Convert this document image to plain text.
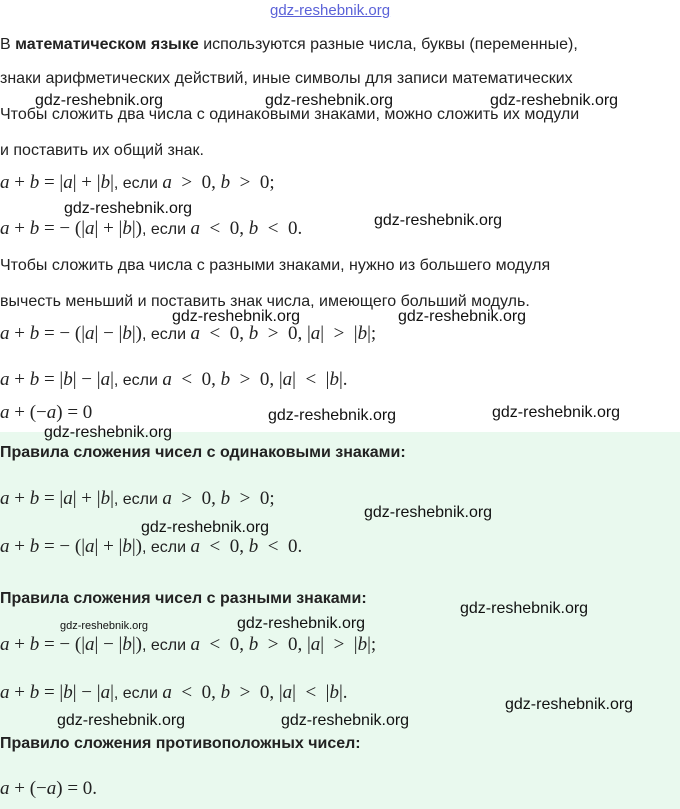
gdz-reshebnik.org
В математическом языке используются разные числа, буквы (переменные),
знаки арифметических действий, иные символы для записи математических
Чтобы сложить два числа с одинаковыми знаками, можно сложить их модули
и поставить их общий знак.
a + b = |a| + |b|, если a  >  0, b  >  0;
a + b = − (|a| + |b|), если a  <  0, b  <  0.
Чтобы сложить два числа с разными знаками, нужно из большего модуля
вычесть меньший и поставить знак числа, имеющего больший модуль.
a + b = − (|a| − |b|), если a  <  0, b  >  0, |a|  >  |b|;
a + b = |b| − |a|, если a  <  0, b  >  0, |a|  <  |b|.
a + (−a) = 0
Правила сложения чисел с одинаковыми знаками:
a + b = |a| + |b|, если a  >  0, b  >  0;
a + b = − (|a| + |b|), если a  <  0, b  <  0.
Правила сложения чисел с разными знаками:
a + b = − (|a| − |b|), если a  <  0, b  >  0, |a|  >  |b|;
a + b = |b| − |a|, если a  <  0, b  >  0, |a|  <  |b|.
Правило сложения противоположных чисел:
a + (−a) = 0.
gdz-reshebnik.org	gdz-reshebnik.org	gdz-reshebnik.org
gdz-reshebnik.org
gdz-reshebnik.org
gdz-reshebnik.org	gdz-reshebnik.org
gdz-reshebnik.org	gdz-reshebnik.org
gdz-reshebnik.org
gdz-reshebnik.org
gdz-reshebnik.org
gdz-reshebnik.org
gdz-reshebnik.org	gdz-reshebnik.org
gdz-reshebnik.org
gdz-reshebnik.org	gdz-reshebnik.org
